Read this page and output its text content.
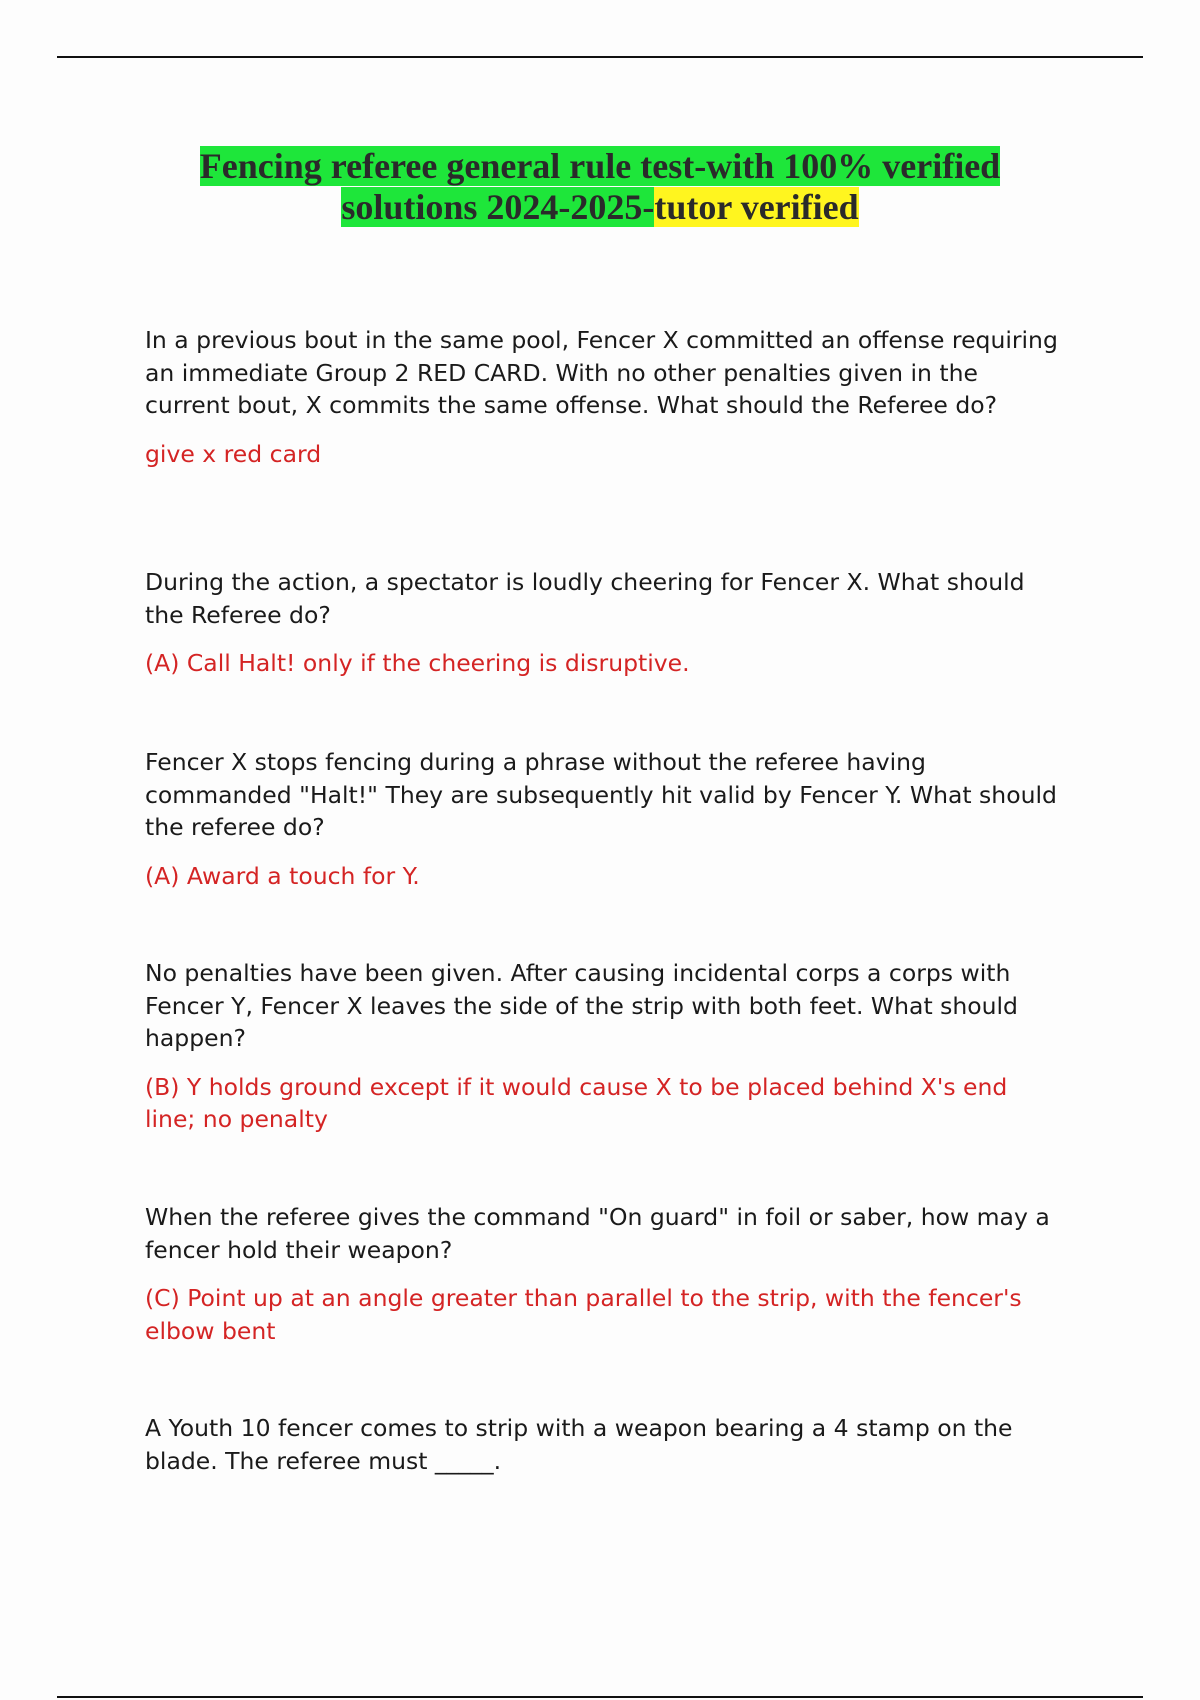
Fencing referee general rule test-with 100% verified
solutions 2024-2025-tutor verified

In a previous bout in the same pool, Fencer X committed an offense requiring an immediate Group 2 RED CARD. With no other penalties given in the current bout, X commits the same offense. What should the Referee do?

give x red card

During the action, a spectator is loudly cheering for Fencer X. What should the Referee do?

(A) Call Halt! only if the cheering is disruptive.

Fencer X stops fencing during a phrase without the referee having commanded "Halt!" They are subsequently hit valid by Fencer Y. What should the referee do?

(A) Award a touch for Y.

No penalties have been given. After causing incidental corps a corps with Fencer Y, Fencer X leaves the side of the strip with both feet. What should happen?

(B) Y holds ground except if it would cause X to be placed behind X's end line; no penalty

When the referee gives the command "On guard" in foil or saber, how may a fencer hold their weapon?

(C) Point up at an angle greater than parallel to the strip, with the fencer's elbow bent

A Youth 10 fencer comes to strip with a weapon bearing a 4 stamp on the blade. The referee must _____.
